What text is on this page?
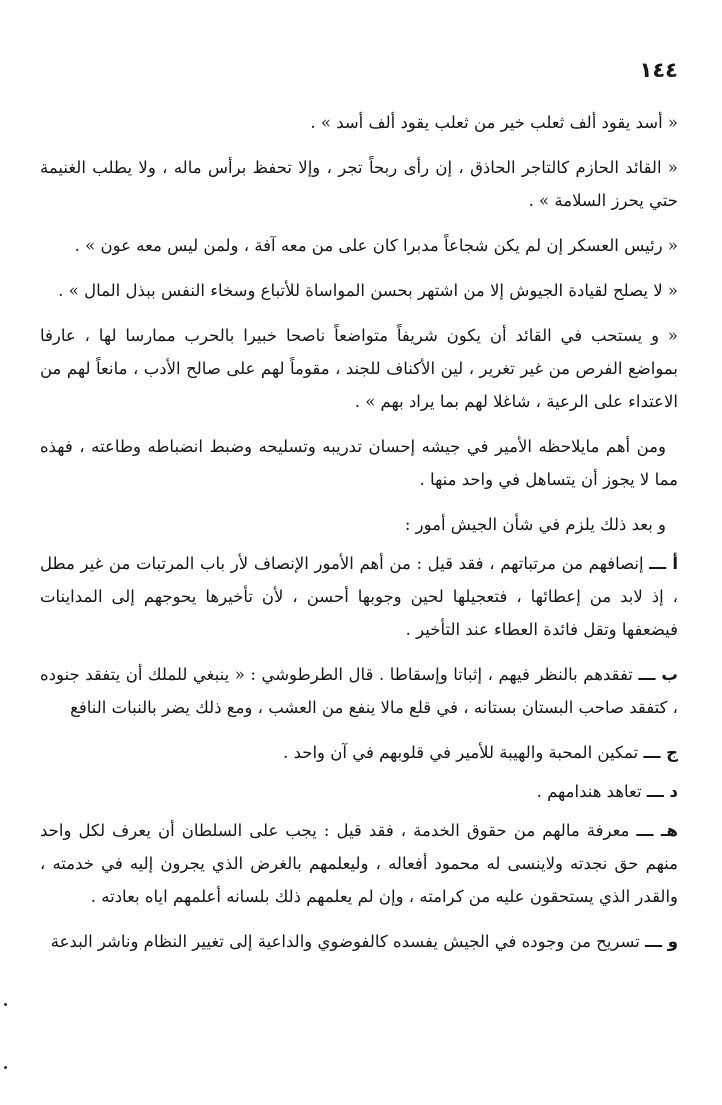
١٤٤

« أسد يقود ألف ثعلب خير من ثعلب يقود ألف أسد » .

« القائد الحازم كالتاجر الحاذق ، إن رأى ربحاً تجر ، وإلا تحفظ برأس ماله ، ولا يطلب الغنيمة حتي يحرز السلامة » .

« رئيس العسكر إن لم يكن شجاعاً مدبرا كان على من معه آفة ، ولمن ليس معه عون » .

« لا يصلح لقيادة الجيوش إلا من اشتهر بحسن المواساة للأتباع وسخاء النفس ببذل المال » .

« و يستحب في القائد أن يكون شريفاً متواضعاً ناصحا خبيرا بالحرب ممارسا لها ، عارفا بمواضع الفرص من غير تغرير ، لين الأكناف للجند ، مقوماً لهم على صالح الأدب ، مانعاً لهم من الاعتداء على الرعية ، شاغلا لهم بما يراد بهم » .

ومن أهم مايلاحظه الأمير في جيشه إحسان تدريبه وتسليحه وضبط انضباطه وطاعته ، فهذه مما لا يجوز أن يتساهل في واحد منها .

و بعد ذلك يلزم في شأن الجيش أمور :

أ ـــ إنصافهم من مرتباتهم ، فقد قيل : من أهم الأمور الإنصاف لأر باب المرتبات من غير مطل ، إذ لابد من إعطائها ، فتعجيلها لحين وجوبها أحسن ، لأن تأخيرها يحوجهم إلى المداينات فيضعفها وتقل فائدة العطاء عند التأخير .

ب ـــ تفقدهم بالنظر فيهم ، إثباتا وإسقاطا . قال الطرطوشي : « ينبغي للملك أن يتفقد جنوده ، كتفقد صاحب البستان بستانه ، في قلع مالا ينفع من العشب ، ومع ذلك يضر بالنبات النافع

ج ـــ تمكين المحبة والهيبة للأمير في قلوبهم في آن واحد .

د ـــ تعاهد هندامهم .

هـ ـــ معرفة مالهم من حقوق الخدمة ، فقد قيل : يجب على السلطان أن يعرف لكل واحد منهم حق نجدته ولاينسى له محمود أفعاله ، وليعلمهم بالغرض الذي يجرون إليه في خدمته ، والقدر الذي يستحقون عليه من كرامته ، وإن لم يعلمهم ذلك بلسانه أعلمهم اياه بعادته .

و ـــ تسريح من وجوده في الجيش يفسده كالفوضوي والداعية إلى تغيير النظام وناشر البدعة
